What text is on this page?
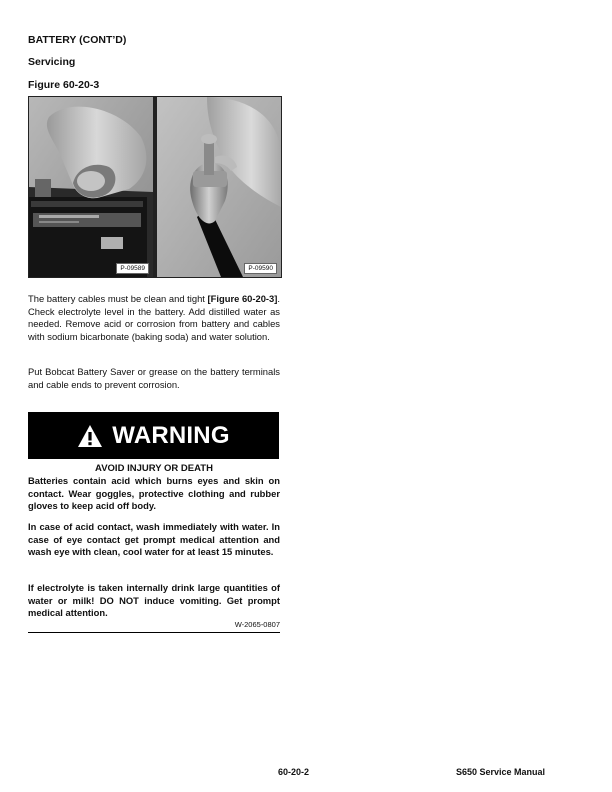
BATTERY (CONT’D)
Servicing
Figure 60-20-3
P-09589	P-09590
The battery cables must be clean and tight [Figure 60-20-3]. Check electrolyte level in the battery. Add distilled water as needed. Remove acid or corrosion from battery and cables with sodium bicarbonate (baking soda) and water solution.
Put Bobcat Battery Saver or grease on the battery terminals and cable ends to prevent corrosion.
WARNING
AVOID INJURY OR DEATH
Batteries contain acid which burns eyes and skin on contact. Wear goggles, protective clothing and rubber gloves to keep acid off body.
In case of acid contact, wash immediately with water. In case of eye contact get prompt medical attention and wash eye with clean, cool water for at least 15 minutes.
If electrolyte is taken internally drink large quantities of water or milk! DO NOT induce vomiting. Get prompt medical attention.
W-2065-0807
60-20-2	S650 Service Manual
